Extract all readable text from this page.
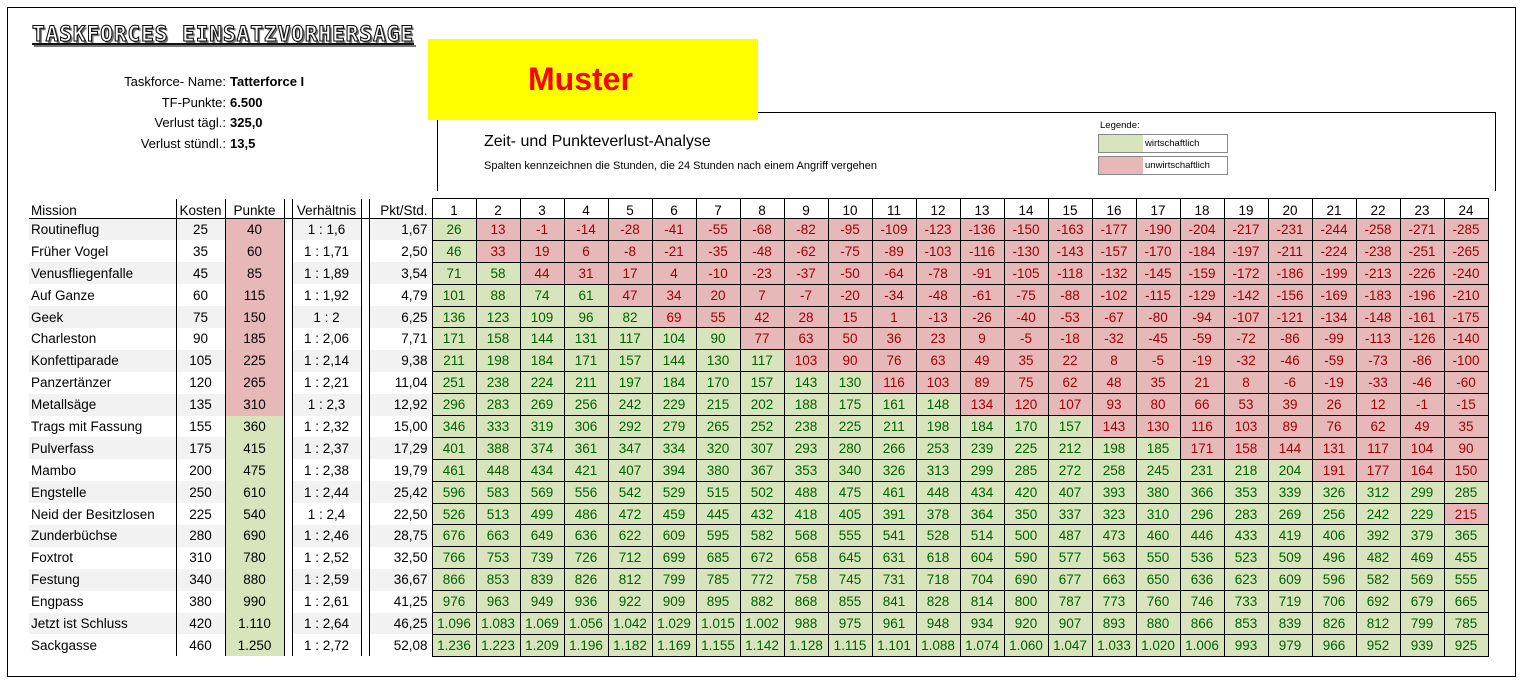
TASKFORCES EINSATZVORHERSAGE
Taskforce- Name: Tatterforce I
TF-Punkte: 6.500
Verlust tägl.: 325,0
Verlust stündl.: 13,5	Zeit- und Punkteverlust-Analyse
Spalten kennzeichnen die Stunden, die 24 Stunden nach einem Angriff vergehen
Legende:
wirtschaftlich
unwirtschaftlich
Muster
Mission	Kosten	Punkte		Verhältnis		Pkt/Std.	1	2	3	4	5	6	7	8	9	10	11	12	13	14	15	16	17	18	19	20	21	22	23	24
Routineflug	25	40		1 : 1,6		1,67	26	13	-1	-14	-28	-41	-55	-68	-82	-95	-109	-123	-136	-150	-163	-177	-190	-204	-217	-231	-244	-258	-271	-285
Früher Vogel	35	60		1 : 1,71		2,50	46	33	19	6	-8	-21	-35	-48	-62	-75	-89	-103	-116	-130	-143	-157	-170	-184	-197	-211	-224	-238	-251	-265
Venusfliegenfalle	45	85		1 : 1,89		3,54	71	58	44	31	17	4	-10	-23	-37	-50	-64	-78	-91	-105	-118	-132	-145	-159	-172	-186	-199	-213	-226	-240
Auf Ganze	60	115		1 : 1,92		4,79	101	88	74	61	47	34	20	7	-7	-20	-34	-48	-61	-75	-88	-102	-115	-129	-142	-156	-169	-183	-196	-210
Geek	75	150		1 : 2		6,25	136	123	109	96	82	69	55	42	28	15	1	-13	-26	-40	-53	-67	-80	-94	-107	-121	-134	-148	-161	-175
Charleston	90	185		1 : 2,06		7,71	171	158	144	131	117	104	90	77	63	50	36	23	9	-5	-18	-32	-45	-59	-72	-86	-99	-113	-126	-140
Konfettiparade	105	225		1 : 2,14		9,38	211	198	184	171	157	144	130	117	103	90	76	63	49	35	22	8	-5	-19	-32	-46	-59	-73	-86	-100
Panzertänzer	120	265		1 : 2,21		11,04	251	238	224	211	197	184	170	157	143	130	116	103	89	75	62	48	35	21	8	-6	-19	-33	-46	-60
Metallsäge	135	310		1 : 2,3		12,92	296	283	269	256	242	229	215	202	188	175	161	148	134	120	107	93	80	66	53	39	26	12	-1	-15
Trags mit Fassung	155	360		1 : 2,32		15,00	346	333	319	306	292	279	265	252	238	225	211	198	184	170	157	143	130	116	103	89	76	62	49	35
Pulverfass	175	415		1 : 2,37		17,29	401	388	374	361	347	334	320	307	293	280	266	253	239	225	212	198	185	171	158	144	131	117	104	90
Mambo	200	475		1 : 2,38		19,79	461	448	434	421	407	394	380	367	353	340	326	313	299	285	272	258	245	231	218	204	191	177	164	150
Engstelle	250	610		1 : 2,44		25,42	596	583	569	556	542	529	515	502	488	475	461	448	434	420	407	393	380	366	353	339	326	312	299	285
Neid der Besitzlosen	225	540		1 : 2,4		22,50	526	513	499	486	472	459	445	432	418	405	391	378	364	350	337	323	310	296	283	269	256	242	229	215
Zunderbüchse	280	690		1 : 2,46		28,75	676	663	649	636	622	609	595	582	568	555	541	528	514	500	487	473	460	446	433	419	406	392	379	365
Foxtrot	310	780		1 : 2,52		32,50	766	753	739	726	712	699	685	672	658	645	631	618	604	590	577	563	550	536	523	509	496	482	469	455
Festung	340	880		1 : 2,59		36,67	866	853	839	826	812	799	785	772	758	745	731	718	704	690	677	663	650	636	623	609	596	582	569	555
Engpass	380	990		1 : 2,61		41,25	976	963	949	936	922	909	895	882	868	855	841	828	814	800	787	773	760	746	733	719	706	692	679	665
Jetzt ist Schluss	420	1.110		1 : 2,64		46,25	1.096	1.083	1.069	1.056	1.042	1.029	1.015	1.002	988	975	961	948	934	920	907	893	880	866	853	839	826	812	799	785
Sackgasse	460	1.250		1 : 2,72		52,08	1.236	1.223	1.209	1.196	1.182	1.169	1.155	1.142	1.128	1.115	1.101	1.088	1.074	1.060	1.047	1.033	1.020	1.006	993	979	966	952	939	925
